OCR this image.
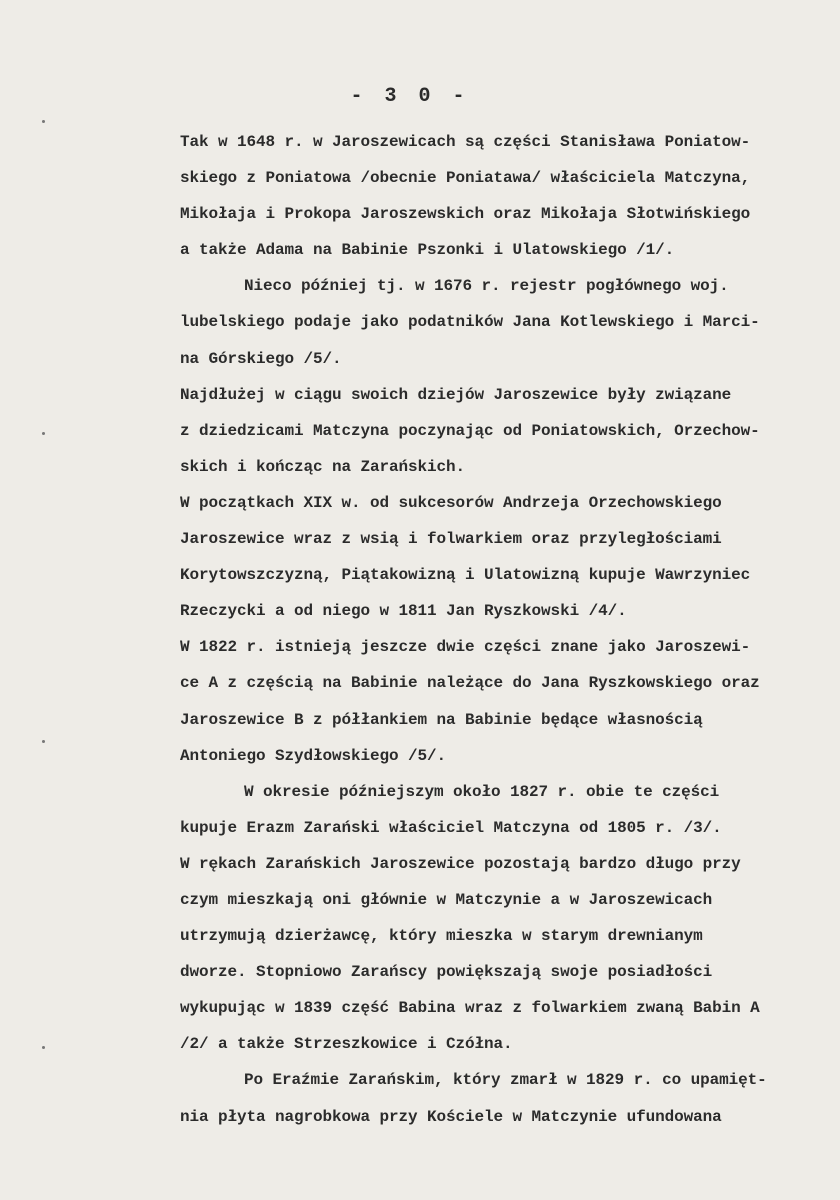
- 3 0 -
Tak w 1648 r. w Jaroszewicach są części Stanisława Poniatow-
skiego z Poniatowa /obecnie Poniatawa/ właściciela Matczyna,
Mikołaja i Prokopa Jaroszewskich oraz Mikołaja Słotwińskiego
a także Adama na Babinie Pszonki i Ulatowskiego /1/.
Nieco później tj. w 1676 r. rejestr pogłównego woj.
lubelskiego podaje jako podatników Jana Kotlewskiego i Marci-
na Górskiego /5/.
Najdłużej w ciągu swoich dziejów Jaroszewice były związane
z dziedzicami Matczyna poczynając od Poniatowskich, Orzechow-
skich i kończąc na Zarańskich.
W początkach XIX w. od sukcesorów Andrzeja Orzechowskiego
Jaroszewice wraz z wsią i folwarkiem oraz przyległościami
Korytowszczyzną, Piątakowizną i Ulatowizną kupuje Wawrzyniec
Rzeczycki a od niego w 1811 Jan Ryszkowski /4/.
W 1822 r. istnieją jeszcze dwie części znane jako Jaroszewi-
ce A z częścią na Babinie należące do Jana Ryszkowskiego oraz
Jaroszewice B z półłankiem na Babinie będące własnością
Antoniego Szydłowskiego /5/.
W okresie późniejszym około 1827 r. obie te części
kupuje Erazm Zarański właściciel Matczyna od 1805 r. /3/.
W rękach Zarańskich Jaroszewice pozostają bardzo długo przy
czym mieszkają oni głównie w Matczynie a w Jaroszewicach
utrzymują dzierżawcę, który mieszka w starym drewnianym
dworze. Stopniowo Zarańscy powiększają swoje posiadłości
wykupując w 1839 część Babina wraz z folwarkiem zwaną Babin A
/2/ a także Strzeszkowice i Czółna.
Po Eraźmie Zarańskim, który zmarł w 1829 r. co upamięt-
nia płyta nagrobkowa przy Kościele w Matczynie ufundowana
